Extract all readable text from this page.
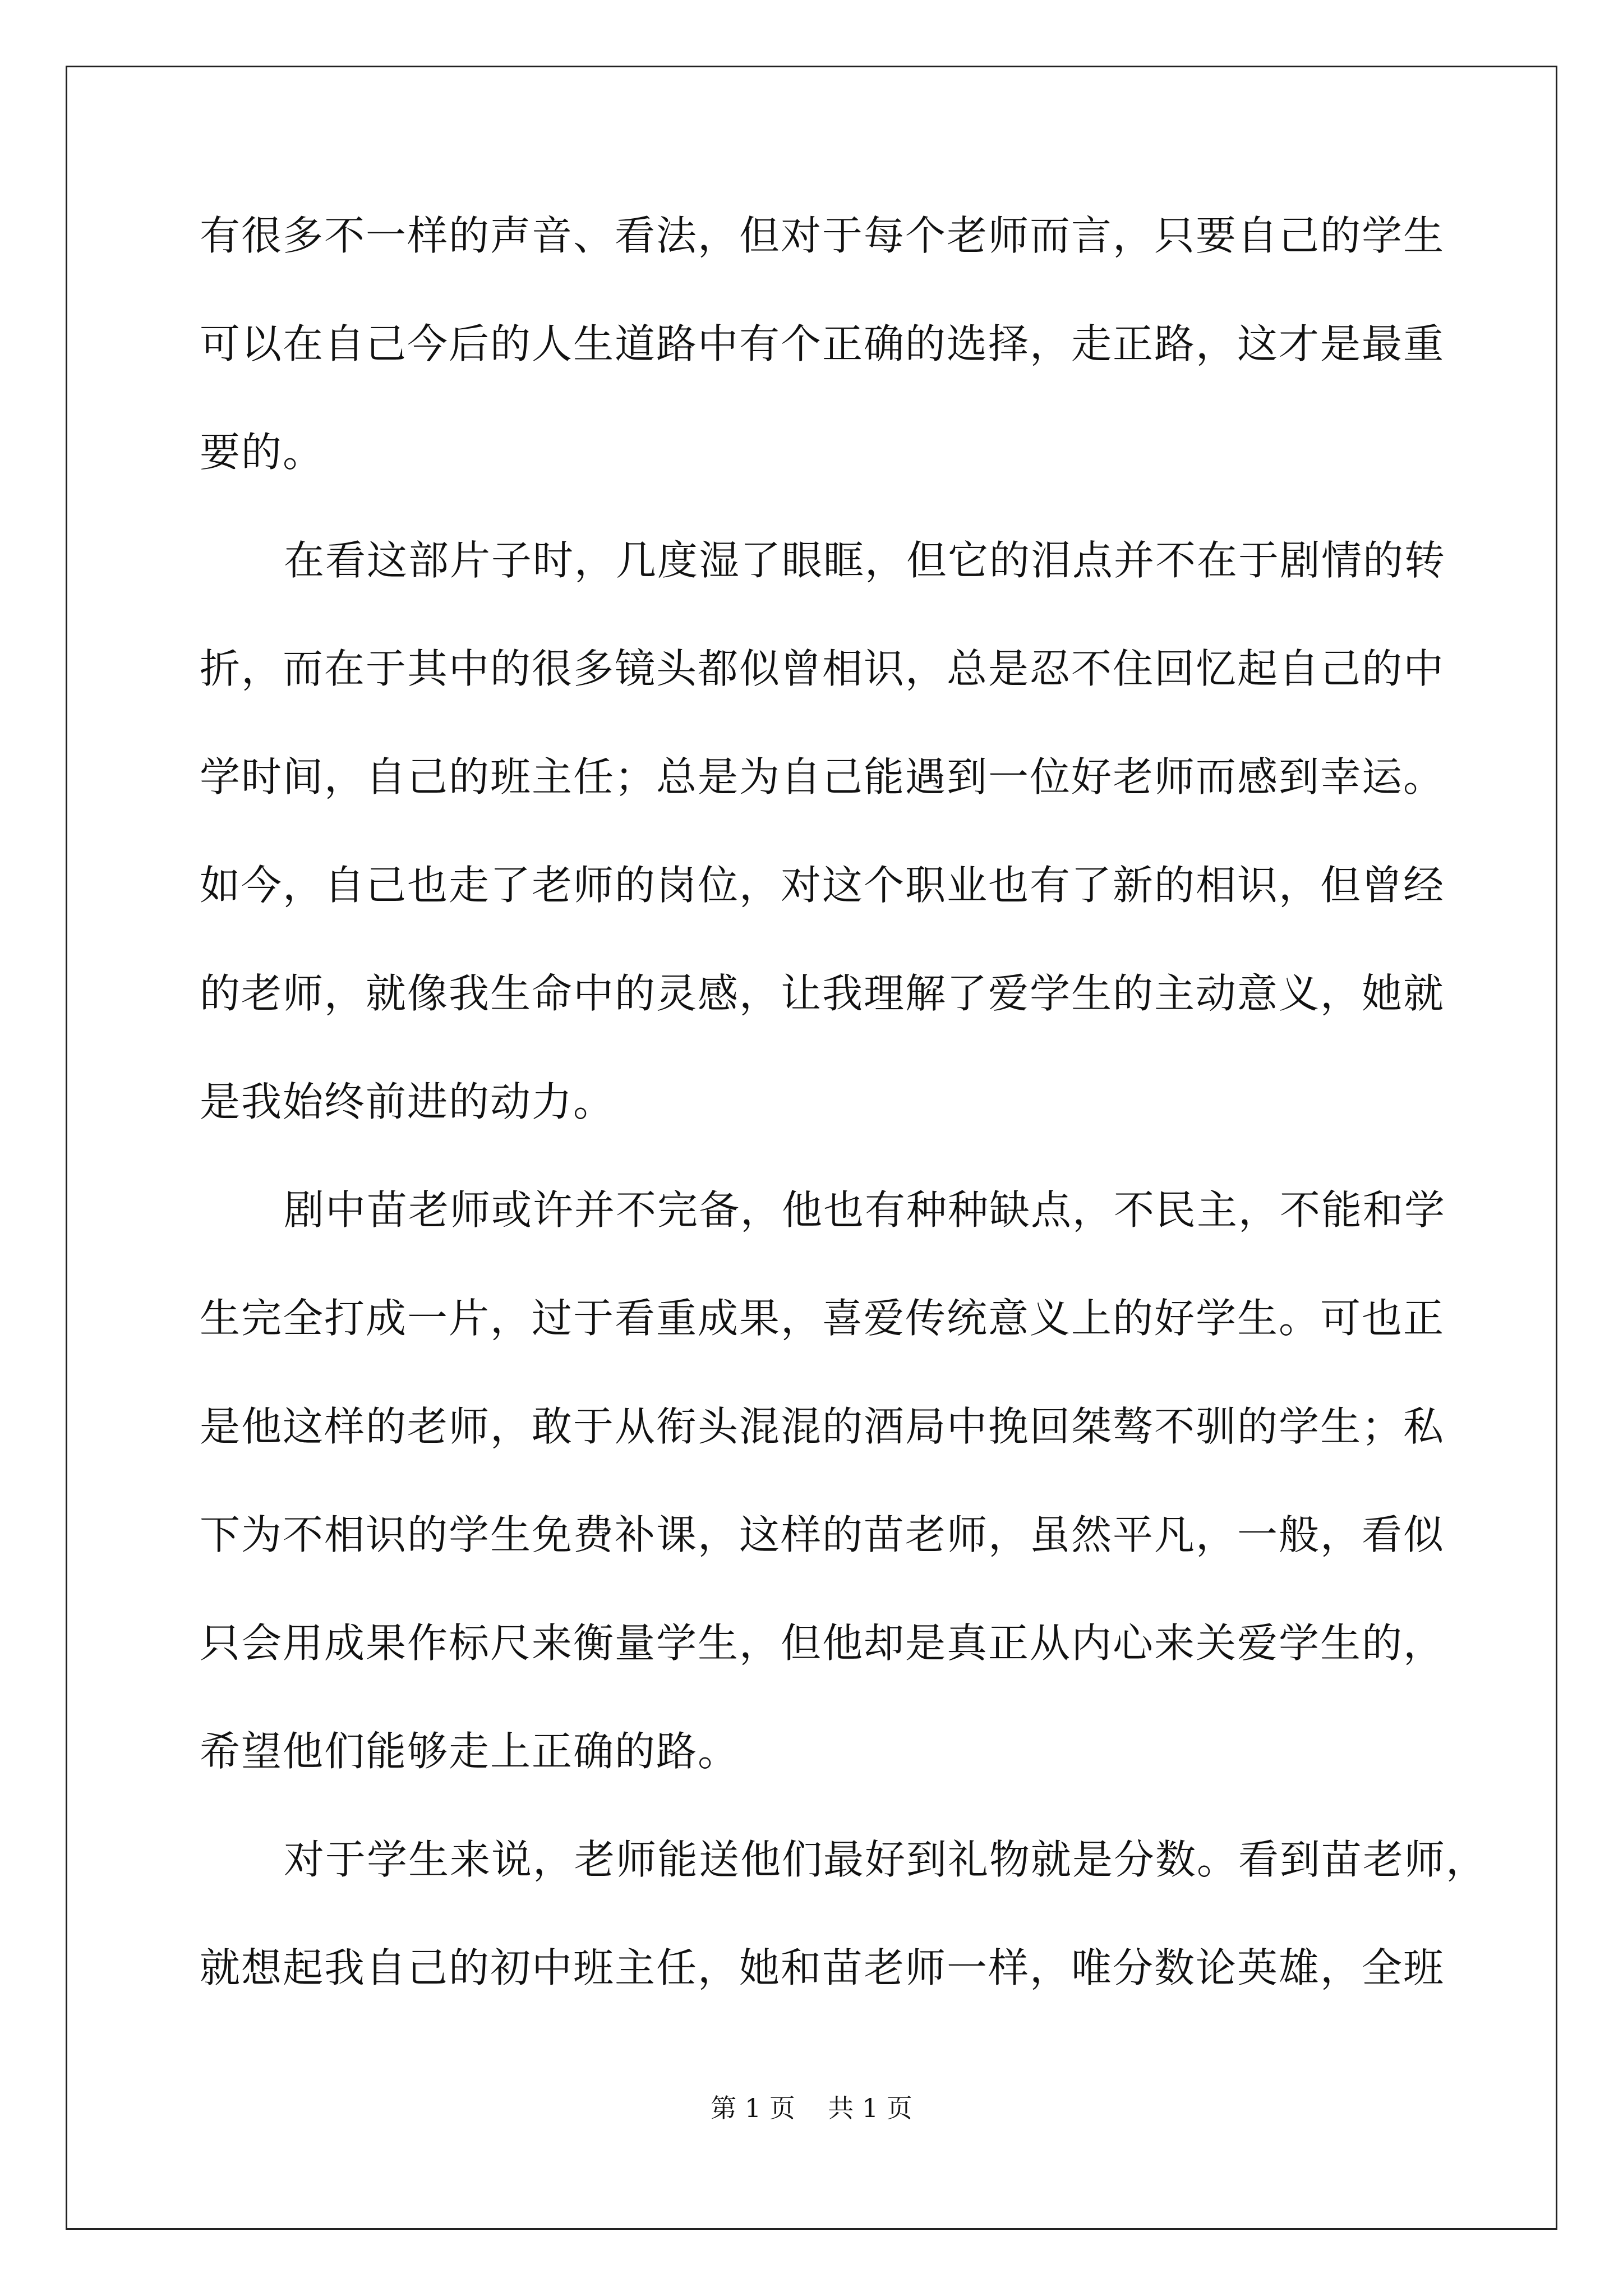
有很多不一样的声音、看法，但对于每个老师而言，只要自己的学生
可以在自己今后的人生道路中有个正确的选择，走正路，这才是最重
要的。
在看这部片子时，几度湿了眼眶，但它的泪点并不在于剧情的转
折，而在于其中的很多镜头都似曾相识，总是忍不住回忆起自己的中
学时间，自己的班主任；总是为自己能遇到一位好老师而感到幸运。
如今，自己也走了老师的岗位，对这个职业也有了新的相识，但曾经
的老师，就像我生命中的灵感，让我理解了爱学生的主动意义，她就
是我始终前进的动力。
剧中苗老师或许并不完备，他也有种种缺点，不民主，不能和学
生完全打成一片，过于看重成果，喜爱传统意义上的好学生。可也正
是他这样的老师，敢于从衔头混混的酒局中挽回桀骜不驯的学生；私
下为不相识的学生免费补课，这样的苗老师，虽然平凡，一般，看似
只会用成果作标尺来衡量学生，但他却是真正从内心来关爱学生的，
希望他们能够走上正确的路。
对于学生来说，老师能送他们最好到礼物就是分数。看到苗老师，
就想起我自己的初中班主任，她和苗老师一样，唯分数论英雄，全班
第 1 页    共 1 页
